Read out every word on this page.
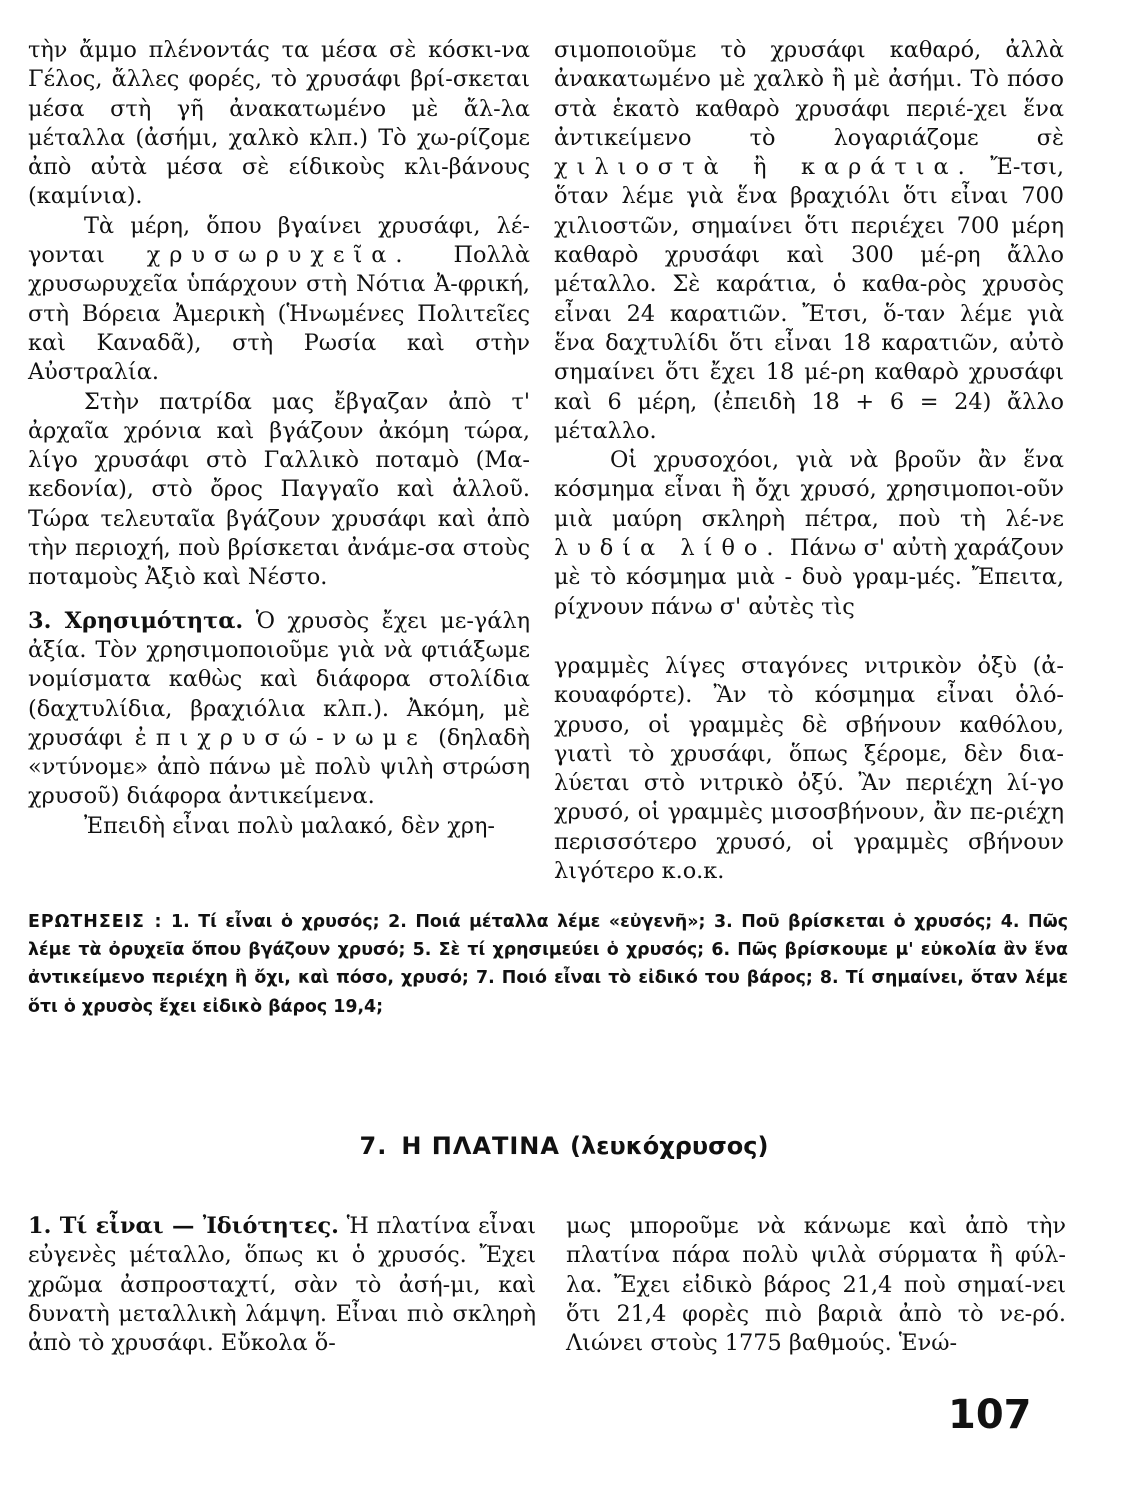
τὴν ἄμμο πλένοντάς τα μέσα σὲ κόσκι-να Γέλος, ἄλλες φορές, τὸ χρυσάφι βρί-σκεται μέσα στὴ γῆ ἀνακατωμένο μὲ ἄλ-λα μέταλλα (ἀσήμι, χαλκὸ κλπ.) Τὸ χω-ρίζομε ἀπὸ αὐτὰ μέσα σὲ είδικοὺς κλι-βάνους (καμίνια).

Τὰ μέρη, ὅπου βγαίνει χρυσάφι, λέ-γονται χρυσωρυχεῖα. Πολλὰ χρυσωρυχεῖα ὑπάρχουν στὴ Νότια Ἀ-φρική, στὴ Βόρεια Ἀμερικὴ (Ἡνωμένες Πολιτεῖες καὶ Καναδᾶ), στὴ Ρωσία καὶ στὴν Αὐστραλία.

Στὴν πατρίδα μας ἔβγαζαν ἀπὸ τ' ἀρχαῖα χρόνια καὶ βγάζουν ἀκόμη τώρα, λίγο χρυσάφι στὸ Γαλλικὸ ποταμὸ (Μα-κεδονία), στὸ ὄρος Παγγαῖο καὶ ἀλλοῦ. Τώρα τελευταῖα βγάζουν χρυσάφι καὶ ἀπὸ τὴν περιοχή, ποὺ βρίσκεται ἀνάμε-σα στοὺς ποταμοὺς Ἀξιὸ καὶ Νέστο.

3. Χρησιμότητα. Ὁ χρυσὸς ἔχει με-γάλη ἀξία. Τὸν χρησιμοποιοῦμε γιὰ νὰ φτιάξωμε νομίσματα καθὼς καὶ διάφορα στολίδια (δαχτυλίδια, βραχιόλια κλπ.). Ἀκόμη, μὲ χρυσάφι ἐπιχρυσώ-νωμε (δηλαδὴ «ντύνομε» ἀπὸ πάνω μὲ πολὺ ψιλὴ στρώση χρυσοῦ) διάφορα ἀντικείμενα.

Ἐπειδὴ εἶναι πολὺ μαλακό, δὲν χρη-

σιμοποιοῦμε τὸ χρυσάφι καθαρό, ἀλλὰ ἀνακατωμένο μὲ χαλκὸ ἢ μὲ ἀσήμι. Τὸ πόσο στὰ ἑκατὸ καθαρὸ χρυσάφι περιέ-χει ἕνα ἀντικείμενο τὸ λογαριάζομε σὲ χιλιοστὰ ἢ καράτια. Ἔ-τσι, ὅταν λέμε γιὰ ἕνα βραχιόλι ὅτι εἶναι 700 χιλιοστῶν, σημαίνει ὅτι περιέχει 700 μέρη καθαρὸ χρυσάφι καὶ 300 μέ-ρη ἄλλο μέταλλο. Σὲ καράτια, ὁ καθα-ρὸς χρυσὸς εἶναι 24 καρατιῶν. Ἔτσι, ὅ-ταν λέμε γιὰ ἕνα δαχτυλίδι ὅτι εἶναι 18 καρατιῶν, αὐτὸ σημαίνει ὅτι ἔχει 18 μέ-ρη καθαρὸ χρυσάφι καὶ 6 μέρη, (ἐπειδὴ 18 + 6 = 24) ἄλλο μέταλλο.

Οἱ χρυσοχόοι, γιὰ νὰ βροῦν ἂν ἕνα κόσμημα εἶναι ἢ ὄχι χρυσό, χρησιμοποι-οῦν μιὰ μαύρη σκληρὴ πέτρα, ποὺ τὴ λέ-νε λυδία λίθο. Πάνω σ' αὐτὴ χαράζουν μὲ τὸ κόσμημα μιὰ - δυὸ γραμ-μές. Ἔπειτα, ρίχνουν πάνω σ' αὐτὲς τὶς

γραμμὲς λίγες σταγόνες νιτρικὸν ὀξὺ (ἀ-κουαφόρτε). Ἂν τὸ κόσμημα εἶναι ὁλό-χρυσο, οἱ γραμμὲς δὲ σβήνουν καθόλου, γιατὶ τὸ χρυσάφι, ὅπως ξέρομε, δὲν δια-λύεται στὸ νιτρικὸ ὀξύ. Ἂν περιέχη λί-γο χρυσό, οἱ γραμμὲς μισοσβήνουν, ἂν πε-ριέχη περισσότερο χρυσό, οἱ γραμμὲς σβήνουν λιγότερο κ.ο.κ.

ΕΡΩΤΗΣΕΙΣ : 1. Τί εἶναι ὁ χρυσός; 2. Ποιά μέταλλα λέμε «εὐγενῆ»; 3. Ποῦ βρίσκεται ὁ χρυσός; 4. Πῶς λέμε τὰ ὀρυχεῖα ὅπου βγάζουν χρυσό; 5. Σὲ τί χρησιμεύει ὁ χρυσός; 6. Πῶς βρίσκουμε μ' εὐκολία ἂν ἕνα ἀντικείμενο περιέχη ἢ ὄχι, καὶ πόσο, χρυσό; 7. Ποιό εἶναι τὸ εἰδικό του βάρος; 8. Τί σημαίνει, ὅταν λέμε ὅτι ὁ χρυσὸς ἔχει εἰδικὸ βάρος 19,4;
7. Η ΠΛΑΤΙΝΑ (λευκόχρυσος)

1. Τί εἶναι — Ἰδιότητες. Ἡ πλατίνα εἶναι εὐγενὲς μέταλλο, ὅπως κι ὁ χρυσός. Ἔχει χρῶμα ἀσπροσταχτί, σὰν τὸ ἀσή-μι, καὶ δυνατὴ μεταλλικὴ λάμψη. Εἶναι πιὸ σκληρὴ ἀπὸ τὸ χρυσάφι. Εὔκολα ὅ-

μως μποροῦμε νὰ κάνωμε καὶ ἀπὸ τὴν πλατίνα πάρα πολὺ ψιλὰ σύρματα ἢ φύλ-λα. Ἔχει εἰδικὸ βάρος 21,4 ποὺ σημαί-νει ὅτι 21,4 φορὲς πιὸ βαριὰ ἀπὸ τὸ νε-ρό. Λιώνει στοὺς 1775 βαθμούς. Ἑνώ-

107
